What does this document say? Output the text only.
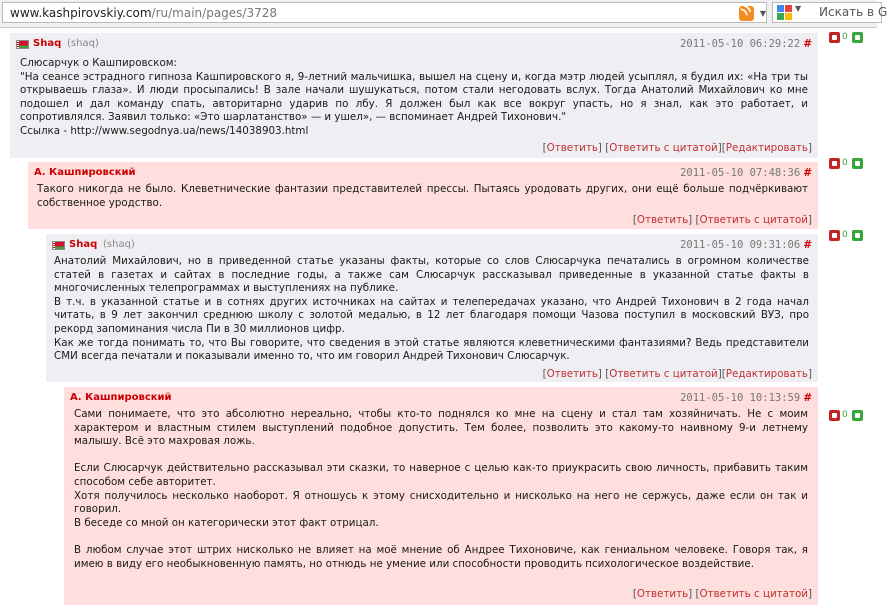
www.kashpirovskiy.com/ru/main/pages/3728
))	▼
▼ Искать в G
Shaq (shaq)	2011-05-10 06:29:22 #

Слюсарчук о Кашпировском:

"На сеансе эстрадного гипноза Кашпировского я, 9-летний мальчишка, вышел на сцену и, когда мэтр людей усыплял, я будил их: «На три ты открываешь глаза». И люди просыпались! В зале начали шушукаться, потом стали негодовать вслух. Тогда Анатолий Михайлович ко мне подошел и дал команду спать, авторитарно ударив по лбу. Я должен был как все вокруг упасть, но я знал, как это работает, и сопротивлялся. Заявил только: «Это шарлатанство» — и ушел», — вспоминает Андрей Тихонович."

Ссылка - http://www.segodnya.ua/news/14038903.html

[Ответить] [Ответить с цитатой][Редактировать]
0
А. Кашпировский	2011-05-10 07:48:36 #

Такого никогда не было. Клеветнические фантазии представителей прессы. Пытаясь уродовать других, они ещё больше подчёркивают собственное уродство.

[Ответить] [Ответить с цитатой]
0
Shaq (shaq)	2011-05-10 09:31:06 #

Анатолий Михайлович, но в приведенной статье указаны факты, которые со слов Слюсарчука печатались в огромном количестве статей в газетах и сайтах в последние годы, а также сам Слюсарчук рассказывал приведенные в указанной статье факты в многочисленных телепрограммах и выступлениях на публике.

В т.ч. в указанной статье и в сотнях других источниках на сайтах и телепередачах указано, что Андрей Тихонович в 2 года начал читать, в 9 лет закончил среднюю школу с золотой медалью, в 12 лет благодаря помощи Чазова поступил в московский ВУЗ, про рекорд запоминания числа Пи в 30 миллионов цифр.

Как же тогда понимать то, что Вы говорите, что сведения в этой статье являются клеветническими фантазиями? Ведь представители СМИ всегда печатали и показывали именно то, что им говорил Андрей Тихонович Слюсарчук.

[Ответить] [Ответить с цитатой][Редактировать]
0
А. Кашпировский	2011-05-10 10:13:59 #

Сами понимаете, что это абсолютно нереально, чтобы кто-то поднялся ко мне на сцену и стал там хозяйничать. Не с моим характером и властным стилем выступлений подобное допустить. Тем более, позволить это какому-то наивному 9-и летнему малышу. Всё это махровая ложь.

Если Слюсарчук действительно рассказывал эти сказки, то наверное с целью как-то приукрасить свою личность, прибавить таким способом себе авторитет.

Хотя получилось несколько наоборот. Я отношусь к этому снисходительно и нисколько на него не сержусь, даже если он так и говорил.

В беседе со мной он категорически этот факт отрицал.

В любом случае этот штрих нисколько не влияет на моё мнение об Андрее Тихоновиче, как гениальном человеке. Говоря так, я имею в виду его необыкновенную память, но отнюдь не умение или способности проводить психологическое воздействие.

[Ответить] [Ответить с цитатой]
0
